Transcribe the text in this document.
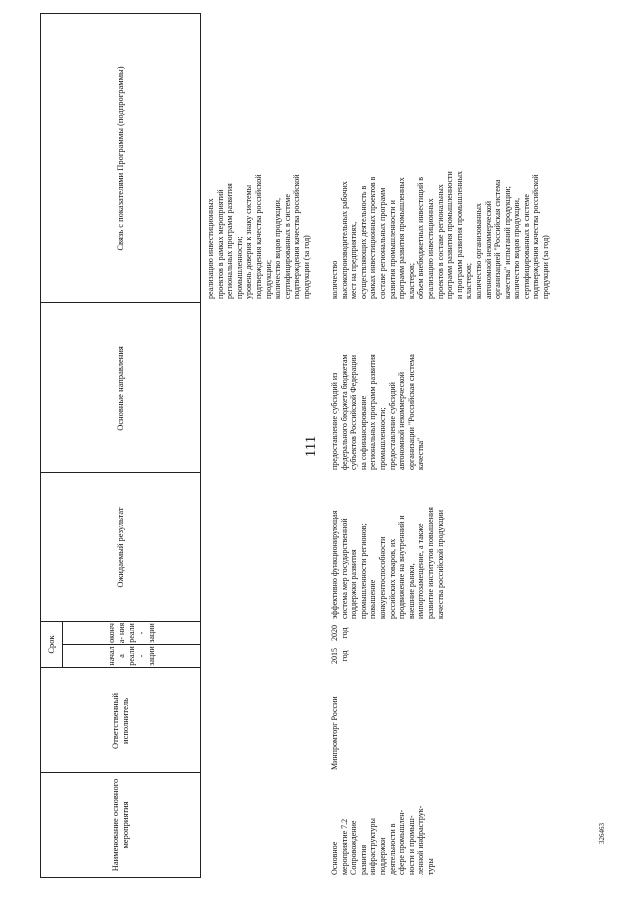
111
326463
Наименование основного мероприятия
Ответственный исполнитель
Срок
начала реали- зации
оконча- ния реали- зации
Ожидаемый результат
Основные направления
Связь с показателями Программы (подпрограммы)
реализацию инвестиционных
проектов в рамках мероприятий
региональных программ развития
промышленности;
уровень доверия к знаку системы
подтверждения качества российской
продукции;
количество видов продукции,
сертифицированных в системе
подтверждения качества российской
продукции (за год)
Основное
мероприятие 7.2
Сопровождение
развития
инфраструктуры
поддержки
деятельности в
сфере промышлен-
ности и промыш-
ленной инфраструк-
туры
Минпромторг России
2015
год
2020
год
эффективно функционирующая
система мер государственной
поддержки развития
промышленности регионов;
повышение
конкурентоспособности
российских товаров, их
продвижение на внутренний и
внешние рынки,
импортозамещение, а также
развитие институтов повышения
качества российской продукции
предоставление субсидий из
федерального бюджета бюджетам
субъектов Российской Федерации
на софинансирование
региональных программ развития
промышленности;
предоставление субсидий
автономной некоммерческой
организации "Российская система
качества"
количество
высокопроизводительных рабочих
мест на предприятиях,
осуществляющих деятельность в
рамках инвестиционных проектов в
составе региональных программ
развития промышленности и
программ развития промышленных
кластеров;
объем внебюджетных инвестиций в
реализацию инвестиционных
проектов в составе региональных
программ развития промышленности
и программ развития промышленных
кластеров;
количество организованных
автономной некоммерческой
организацией "Российская система
качества" испытаний продукции;
количество видов продукции,
сертифицированных в системе
подтверждения качества российской
продукции (за год)
